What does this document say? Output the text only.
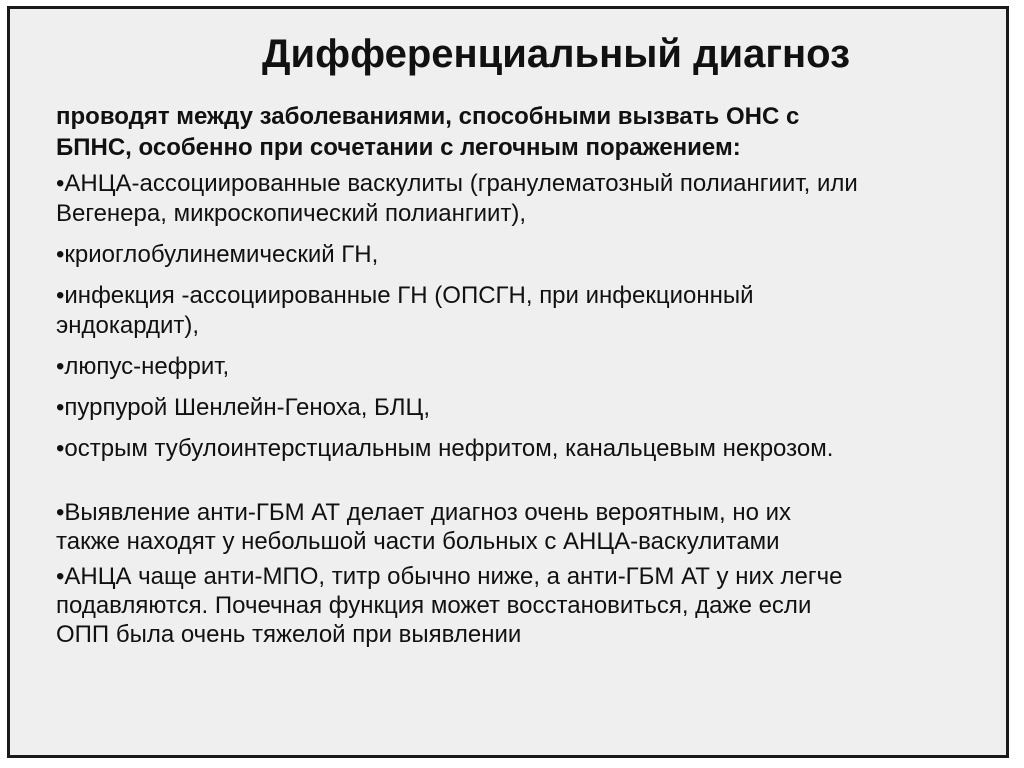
Дифференциальный диагноз
проводят между заболеваниями, способными вызвать ОНС с
БПНС, особенно при сочетании с легочным поражением:
•АНЦА-ассоциированные васкулиты (гранулематозный полиангиит, или
Вегенера, микроскопический полиангиит),
•криоглобулинемический ГН,
•инфекция -ассоциированные ГН (ОПСГН, при инфекционный
эндокардит),
•люпус-нефрит,
•пурпурой Шенлейн-Геноха, БЛЦ,
•острым тубулоинтерстциальным нефритом, канальцевым некрозом.
•Выявление анти-ГБМ АТ делает диагноз очень вероятным, но их
также находят у небольшой части больных с АНЦА-васкулитами
•АНЦА чаще анти-МПО, титр обычно ниже, а анти-ГБМ АТ у них легче
подавляются. Почечная функция может восстановиться, даже если
ОПП была очень тяжелой при выявлении
